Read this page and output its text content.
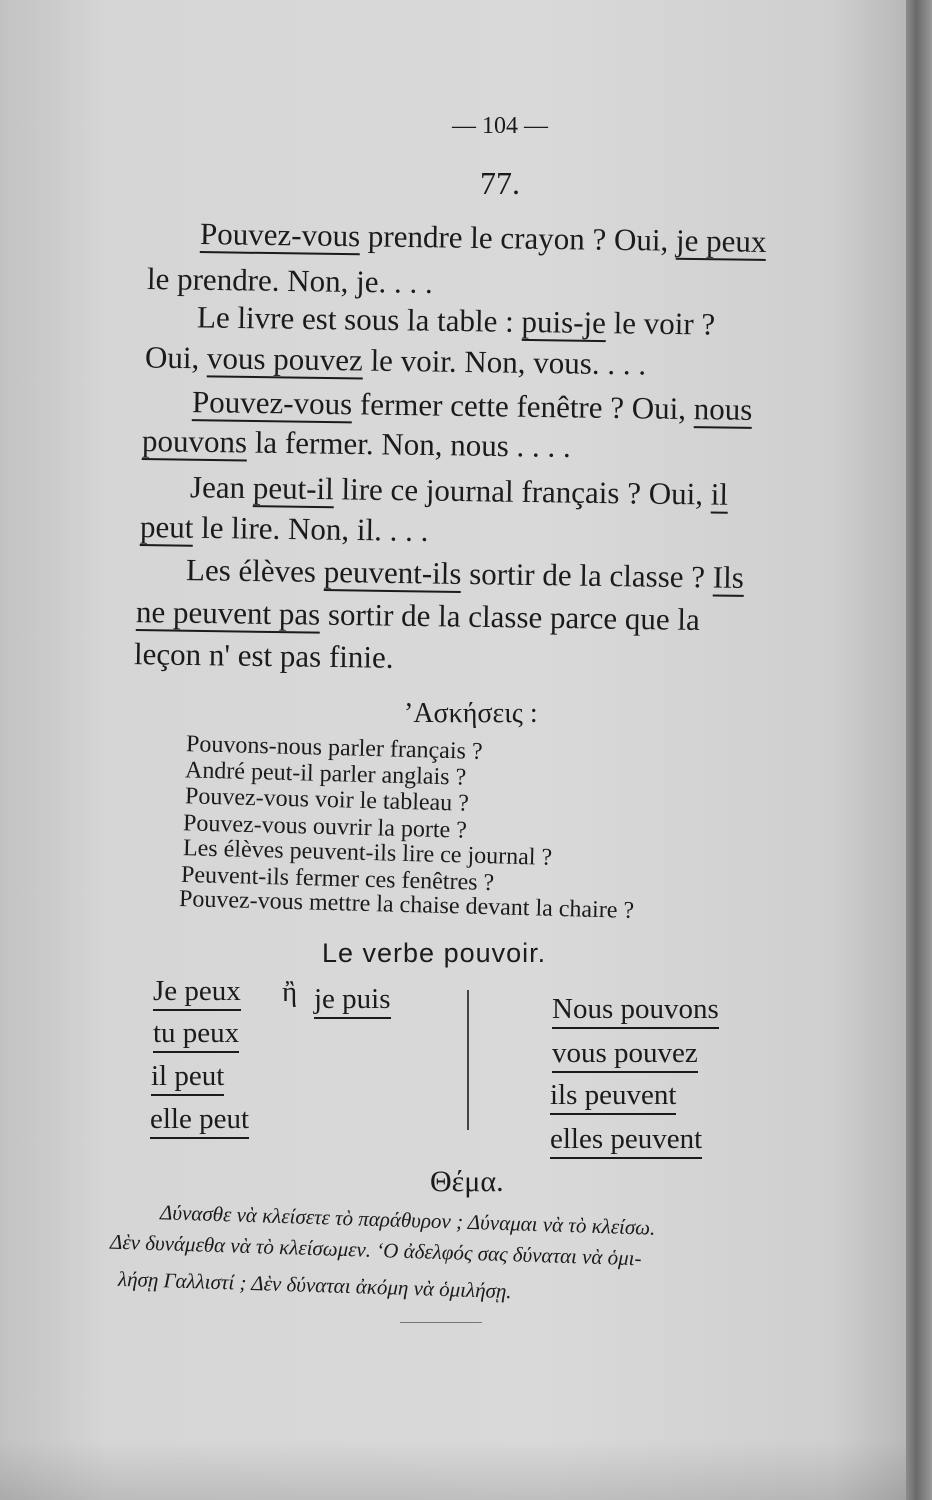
— 104 —
77.
Pouvez-vous prendre le crayon ? Oui, je peux
le prendre. Non, je. . . .
Le livre est sous la table : puis-je le voir ?
Oui, vous pouvez le voir. Non, vous. . . .
Pouvez-vous fermer cette fenêtre ? Oui, nous
pouvons la fermer. Non, nous . . . .
Jean peut-il lire ce journal français ? Oui, il
peut le lire. Non, il. . . .
Les élèves peuvent-ils sortir de la classe ? Ils
ne peuvent pas sortir de la classe parce que la
leçon n' est pas finie.
’Ασκήσεις :
Pouvons-nous parler français ?
André peut-il parler anglais ?
Pouvez-vous voir le tableau ?
Pouvez-vous ouvrir la porte ?
Les élèves peuvent-ils lire ce journal ?
Peuvent-ils fermer ces fenêtres ?
Pouvez-vous mettre la chaise devant la chaire ?
Le verbe pouvoir.
Je peux ἢ je puis
tu peux
il peut
elle peut
Nous pouvons
vous pouvez
ils peuvent
elles peuvent
Θέμα.
Δύνασθε νὰ κλείσετε τὸ παράθυρον ; Δύναμαι νὰ τὸ κλείσω.
Δὲν δυνάμεθα νὰ τὸ κλείσωμεν. ‘Ο ἀδελφός σας δύναται νὰ ὁμι-
λήσῃ Γαλλιστί ; Δὲν δύναται ἀκόμη νὰ ὁμιλήσῃ.
